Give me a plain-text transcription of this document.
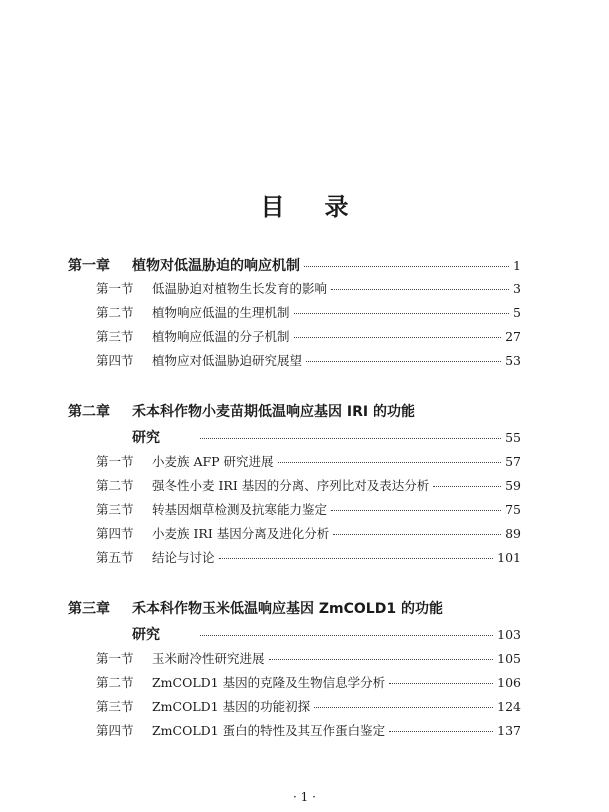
目 录
第一章	植物对低温胁迫的响应机制	1
第一节	低温胁迫对植物生长发育的影响	3
第二节	植物响应低温的生理机制	5
第三节	植物响应低温的分子机制	27
第四节	植物应对低温胁迫研究展望	53
第二章	禾本科作物小麦苗期低温响应基因 IRI 的功能
研究	55
第一节	小麦族 AFP 研究进展	57
第二节	强冬性小麦 IRI 基因的分离、序列比对及表达分析	59
第三节	转基因烟草检测及抗寒能力鉴定	75
第四节	小麦族 IRI 基因分离及进化分析	89
第五节	结论与讨论	101
第三章	禾本科作物玉米低温响应基因 ZmCOLD1 的功能
研究	103
第一节	玉米耐冷性研究进展	105
第二节	ZmCOLD1 基因的克隆及生物信息学分析	106
第三节	ZmCOLD1 基因的功能初探	124
第四节	ZmCOLD1 蛋白的特性及其互作蛋白鉴定	137
· 1 ·
